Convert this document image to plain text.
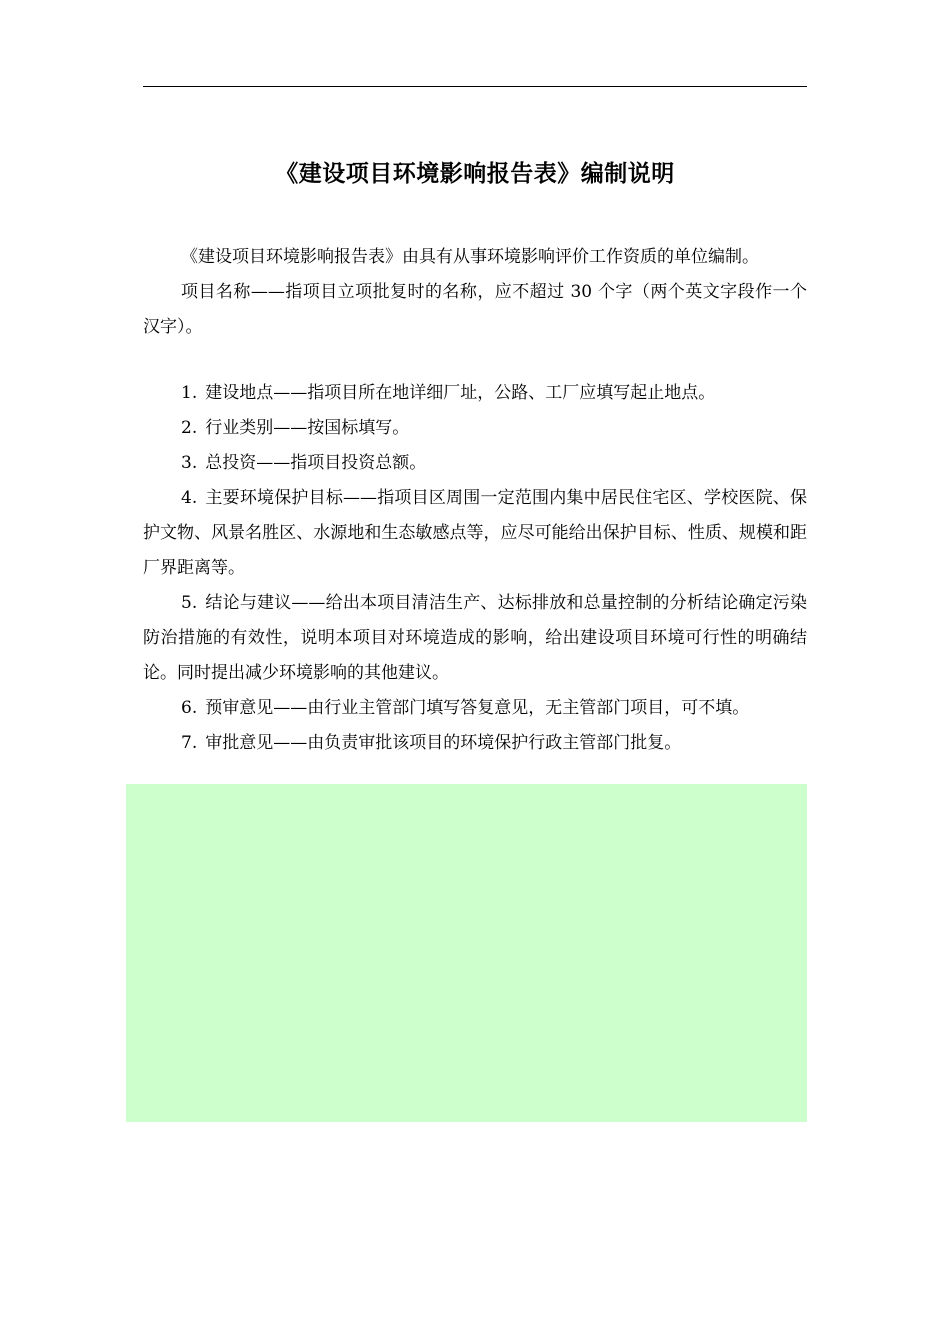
《建设项目环境影响报告表》编制说明

《建设项目环境影响报告表》由具有从事环境影响评价工作资质的单位编制。

项目名称——指项目立项批复时的名称，应不超过 30 个字（两个英文字段作一个汉字）。

1. 建设地点——指项目所在地详细厂址，公路、工厂应填写起止地点。

2. 行业类别——按国标填写。

3. 总投资——指项目投资总额。

4. 主要环境保护目标——指项目区周围一定范围内集中居民住宅区、学校医院、保护文物、风景名胜区、水源地和生态敏感点等，应尽可能给出保护目标、性质、规模和距厂界距离等。

5. 结论与建议——给出本项目清洁生产、达标排放和总量控制的分析结论确定污染防治措施的有效性，说明本项目对环境造成的影响，给出建设项目环境可行性的明确结论。同时提出减少环境影响的其他建议。

6. 预审意见——由行业主管部门填写答复意见，无主管部门项目，可不填。

7. 审批意见——由负责审批该项目的环境保护行政主管部门批复。
